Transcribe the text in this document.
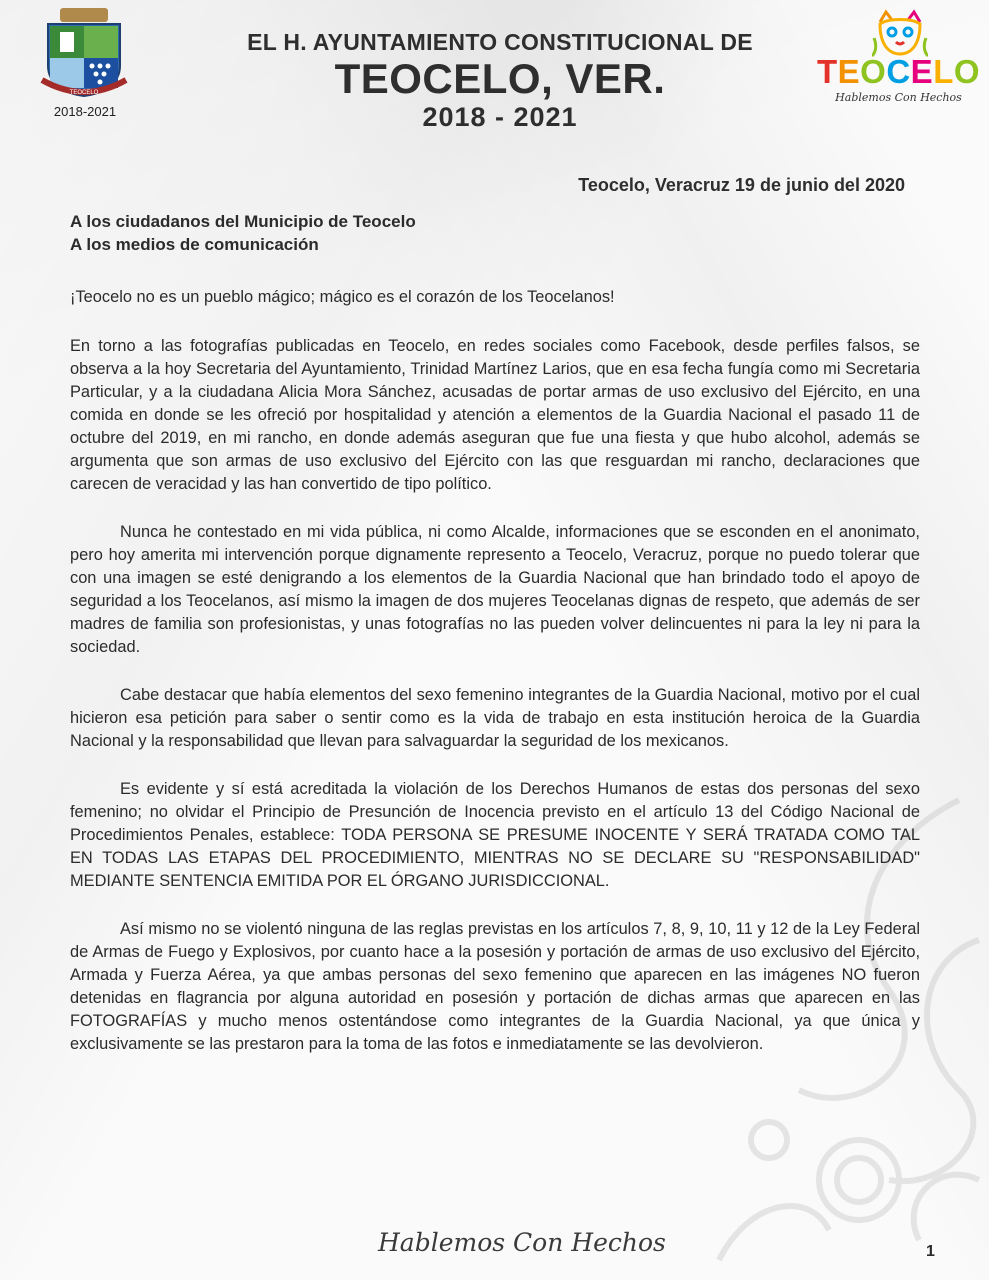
TEOCELO
2018-2021
EL H. AYUNTAMIENTO CONSTITUCIONAL DE
TEOCELO, VER.
2018 - 2021
TEOCELO
Hablemos Con Hechos
Teocelo, Veracruz 19 de junio del 2020
A los ciudadanos del Municipio de Teocelo
A los medios de comunicación

¡Teocelo no es un pueblo mágico; mágico es el corazón de los Teocelanos!

En torno a las fotografías publicadas en Teocelo, en redes sociales como Facebook, desde perfiles falsos, se observa a la hoy Secretaria del Ayuntamiento, Trinidad Martínez Larios, que en esa fecha fungía como mi Secretaria Particular, y a la ciudadana Alicia Mora Sánchez, acusadas de portar armas de uso exclusivo del Ejército, en una comida en donde se les ofreció por hospitalidad y atención a elementos de la Guardia Nacional el pasado 11 de octubre del 2019, en mi rancho, en donde además aseguran que fue una fiesta y que hubo alcohol, además se argumenta que son armas de uso exclusivo del Ejército con las que resguardan mi rancho, declaraciones que carecen de veracidad y las han convertido de tipo político.

Nunca he contestado en mi vida pública, ni como Alcalde, informaciones que se esconden en el anonimato, pero hoy amerita mi intervención porque dignamente represento a Teocelo, Veracruz, porque no puedo tolerar que con una imagen se esté denigrando a los elementos de la Guardia Nacional que han brindado todo el apoyo de seguridad a los Teocelanos, así mismo la imagen de dos mujeres Teocelanas dignas de respeto, que además de ser madres de familia son profesionistas, y unas fotografías no las pueden volver delincuentes ni para la ley ni para la sociedad.

Cabe destacar que había elementos del sexo femenino integrantes de la Guardia Nacional, motivo por el cual hicieron esa petición para saber o sentir como es la vida de trabajo en esta institución heroica de la Guardia Nacional y la responsabilidad que llevan para salvaguardar la seguridad de los mexicanos.

Es evidente y sí está acreditada la violación de los Derechos Humanos de estas dos personas del sexo femenino; no olvidar el Principio de Presunción de Inocencia previsto en el artículo 13 del Código Nacional de Procedimientos Penales, establece: TODA PERSONA SE PRESUME INOCENTE Y SERÁ TRATADA COMO TAL EN TODAS LAS ETAPAS DEL PROCEDIMIENTO, MIENTRAS NO SE DECLARE SU "RESPONSABILIDAD" MEDIANTE SENTENCIA EMITIDA POR EL ÓRGANO JURISDICCIONAL.

Así mismo no se violentó ninguna de las reglas previstas en los artículos 7, 8, 9, 10, 11 y 12 de la Ley Federal de Armas de Fuego y Explosivos, por cuanto hace a la posesión y portación de armas de uso exclusivo del Ejército, Armada y Fuerza Aérea, ya que ambas personas del sexo femenino que aparecen en las imágenes NO fueron detenidas en flagrancia por alguna autoridad en posesión y portación de dichas armas que aparecen en las FOTOGRAFÍAS y mucho menos ostentándose como integrantes de la Guardia Nacional, ya que única y exclusivamente se las prestaron para la toma de las fotos e inmediatamente se las devolvieron.

Hablemos Con Hechos	1
